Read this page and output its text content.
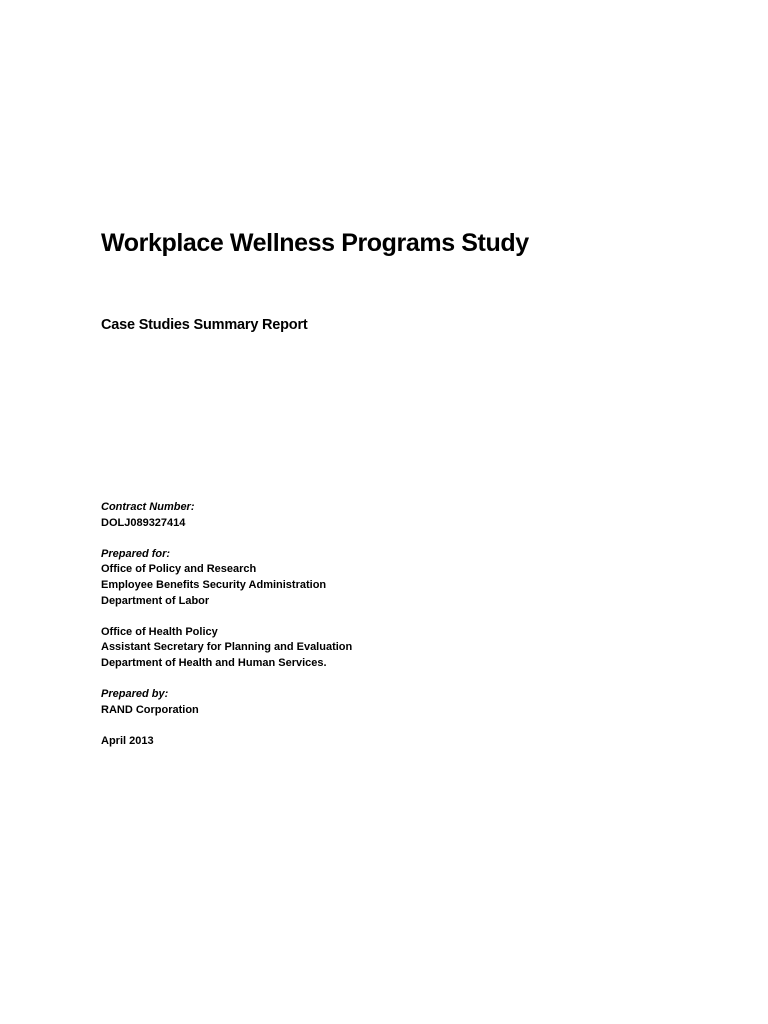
Workplace Wellness Programs Study
Case Studies Summary Report
Contract Number:
DOLJ089327414
Prepared for:
Office of Policy and Research
Employee Benefits Security Administration
Department of Labor
Office of Health Policy
Assistant Secretary for Planning and Evaluation
Department of Health and Human Services.
Prepared by:
RAND Corporation
April 2013
